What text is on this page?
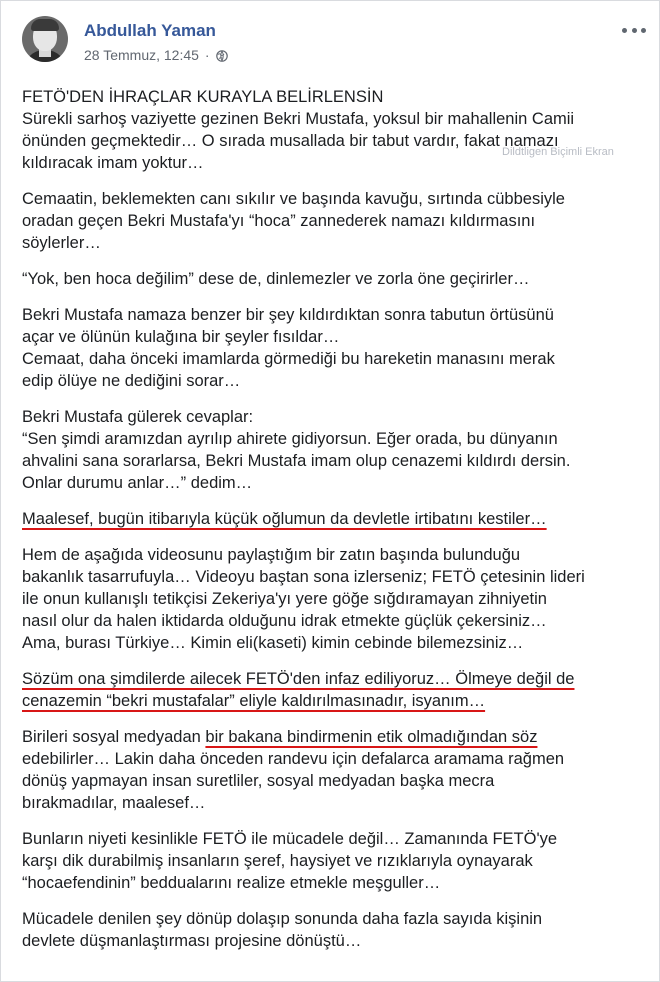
Abdullah Yaman
28 Temmuz, 12:45 ·
Dildtligen Biçimli Ekran

FETÖ'DEN İHRAÇLAR KURAYLA BELİRLENSİN
Sürekli sarhoş vaziyette gezinen Bekri Mustafa, yoksul bir mahallenin Camii
önünden geçmektedir… O sırada musallada bir tabut vardır, fakat namazı
kıldıracak imam yoktur…

Cemaatin, beklemekten canı sıkılır ve başında kavuğu, sırtında cübbesiyle
oradan geçen Bekri Mustafa'yı “hoca” zannederek namazı kıldırmasını
söylerler…

“Yok, ben hoca değilim” dese de, dinlemezler ve zorla öne geçirirler…

Bekri Mustafa namaza benzer bir şey kıldırdıktan sonra tabutun örtüsünü
açar ve ölünün kulağına bir şeyler fısıldar…
Cemaat, daha önceki imamlarda görmediği bu hareketin manasını merak
edip ölüye ne dediğini sorar…

Bekri Mustafa gülerek cevaplar:
“Sen şimdi aramızdan ayrılıp ahirete gidiyorsun. Eğer orada, bu dünyanın
ahvalini sana sorarlarsa, Bekri Mustafa imam olup cenazemi kıldırdı dersin.
Onlar durumu anlar…” dedim…

Maalesef, bugün itibarıyla küçük oğlumun da devletle irtibatını kestiler…

Hem de aşağıda videosunu paylaştığım bir zatın başında bulunduğu
bakanlık tasarrufuyla… Videoyu baştan sona izlerseniz; FETÖ çetesinin lideri
ile onun kullanışlı tetikçisi Zekeriya'yı yere göğe sığdıramayan zihniyetin
nasıl olur da halen iktidarda olduğunu idrak etmekte güçlük çekersiniz…
Ama, burası Türkiye… Kimin eli(kaseti) kimin cebinde bilemezsiniz…

Sözüm ona şimdilerde ailecek FETÖ'den infaz ediliyoruz… Ölmeye değil de
cenazemin “bekri mustafalar” eliyle kaldırılmasınadır, isyanım…

Birileri sosyal medyadan bir bakana bindirmenin etik olmadığından söz
edebilirler… Lakin daha önceden randevu için defalarca aramama rağmen
dönüş yapmayan insan suretliler, sosyal medyadan başka mecra
bırakmadılar, maalesef…

Bunların niyeti kesinlikle FETÖ ile mücadele değil… Zamanında FETÖ'ye
karşı dik durabilmiş insanların şeref, haysiyet ve rızıklarıyla oynayarak
“hocaefendinin” beddualarını realize etmekle meşguller…

Mücadele denilen şey dönüp dolaşıp sonunda daha fazla sayıda kişinin
devlete düşmanlaştırması projesine dönüştü…
